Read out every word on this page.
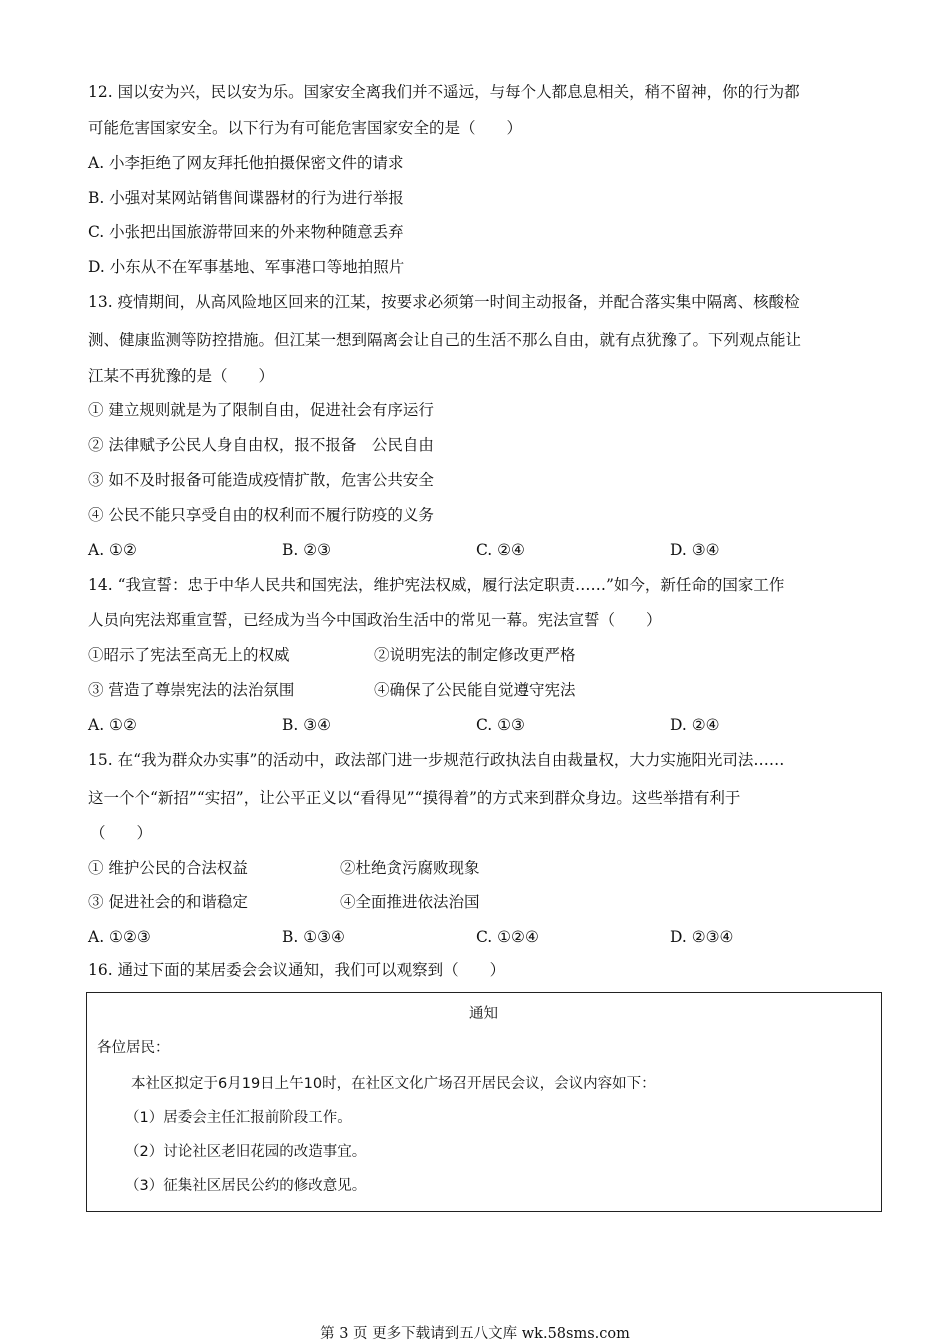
12. 国以安为兴，民以安为乐。国家安全离我们并不遥远，与每个人都息息相关，稍不留神，你的行为都
可能危害国家安全。以下行为有可能危害国家安全的是（　　）
A. 小李拒绝了网友拜托他拍摄保密文件的请求
B. 小强对某网站销售间谍器材的行为进行举报
C. 小张把出国旅游带回来的外来物种随意丢弃
D. 小东从不在军事基地、军事港口等地拍照片
13. 疫情期间，从高风险地区回来的江某，按要求必须第一时间主动报备，并配合落实集中隔离、核酸检
测、健康监测等防控措施。但江某一想到隔离会让自己的生活不那么自由，就有点犹豫了。下列观点能让
江某不再犹豫的是（　　）
① 建立规则就是为了限制自由，促进社会有序运行
② 法律赋予公民人身自由权，报不报备　公民自由
③ 如不及时报备可能造成疫情扩散，危害公共安全
④ 公民不能只享受自由的权利而不履行防疫的义务
A. ①②	B. ②③	C. ②④	D. ③④
14. “我宣誓：忠于中华人民共和国宪法，维护宪法权威，履行法定职责……”如今，新任命的国家工作
人员向宪法郑重宣誓，已经成为当今中国政治生活中的常见一幕。宪法宣誓（　　）
①昭示了宪法至高无上的权威	②说明宪法的制定修改更严格
③ 营造了尊崇宪法的法治氛围	④确保了公民能自觉遵守宪法
A. ①②	B. ③④	C. ①③	D. ②④
15. 在“我为群众办实事”的活动中，政法部门进一步规范行政执法自由裁量权，大力实施阳光司法……
这一个个“新招”“实招”，让公平正义以“看得见”“摸得着”的方式来到群众身边。这些举措有利于
（　　）
① 维护公民的合法权益	②杜绝贪污腐败现象
③ 促进社会的和谐稳定	④全面推进依法治国
A. ①②③	B. ①③④	C. ①②④	D. ②③④
16. 通过下面的某居委会会议通知，我们可以观察到（　　）
通知
各位居民：
本社区拟定于6月19日上午10时，在社区文化广场召开居民会议，会议内容如下：
（1）居委会主任汇报前阶段工作。
（2）讨论社区老旧花园的改造事宜。
（3）征集社区居民公约的修改意见。
第 3 页 更多下载请到五八文库 wk.58sms.com
